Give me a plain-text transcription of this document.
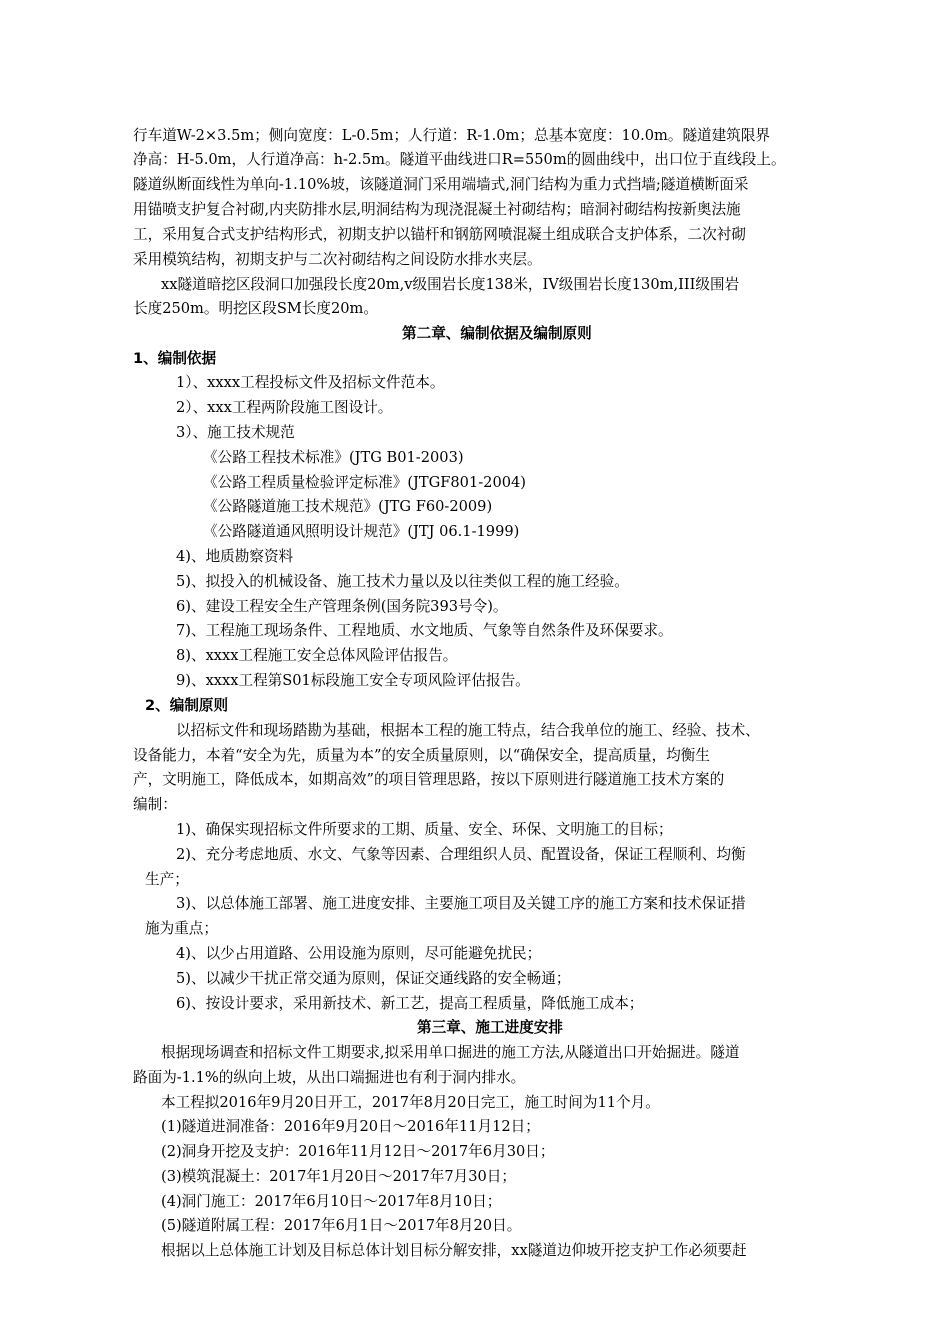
行车道W-2×3.5m；侧向宽度：L-0.5m；人行道：R-1.0m；总基本宽度：10.0m。隧道建筑限界
净高：H-5.0m，人行道净高：h-2.5m。隧道平曲线进口R=550m的圆曲线中，出口位于直线段上。
隧道纵断面线性为单向-1.10%坡，该隧道洞门采用端墙式,洞门结构为重力式挡墙;隧道横断面采
用锚喷支护复合衬砌,内夹防排水层,明洞结构为现浇混凝土衬砌结构；暗洞衬砌结构按新奥法施
工，采用复合式支护结构形式，初期支护以锚杆和钢筋网喷混凝土组成联合支护体系，二次衬砌
采用模筑结构，初期支护与二次衬砌结构之间设防水排水夹层。
xx隧道暗挖区段洞口加强段长度20m,v级围岩长度138米，IV级围岩长度130m,III级围岩
长度250m。明挖区段SM长度20m。
第二章、编制依据及编制原则
1、编制依据
1）、xxxx工程投标文件及招标文件范本。
2）、xxx工程两阶段施工图设计。
3）、施工技术规范
《公路工程技术标准》(JTG B01-2003)
《公路工程质量检验评定标准》(JTGF801-2004)
《公路隧道施工技术规范》(JTG F60-2009)
《公路隧道通风照明设计规范》(JTJ 06.1-1999)
4)、地质勘察资料
5)、拟投入的机械设备、施工技术力量以及以往类似工程的施工经验。
6)、建设工程安全生产管理条例(国务院393号令)。
7)、工程施工现场条件、工程地质、水文地质、气象等自然条件及环保要求。
8)、xxxx工程施工安全总体风险评估报告。
9)、xxxx工程第S01标段施工安全专项风险评估报告。
2、编制原则
以招标文件和现场踏勘为基础，根据本工程的施工特点，结合我单位的施工、经验、技术、
设备能力，本着“安全为先，质量为本”的安全质量原则，以“确保安全，提高质量，均衡生
产，文明施工，降低成本，如期高效”的项目管理思路，按以下原则进行隧道施工技术方案的
编制：
1)、确保实现招标文件所要求的工期、质量、安全、环保、文明施工的目标；
2)、充分考虑地质、水文、气象等因素、合理组织人员、配置设备，保证工程顺利、均衡
生产；
3)、以总体施工部署、施工进度安排、主要施工项目及关键工序的施工方案和技术保证措
施为重点；
4)、以少占用道路、公用设施为原则，尽可能避免扰民；
5)、以减少干扰正常交通为原则，保证交通线路的安全畅通；
6)、按设计要求，采用新技术、新工艺，提高工程质量，降低施工成本；
第三章、施工进度安排
根据现场调查和招标文件工期要求,拟采用单口掘进的施工方法,从隧道出口开始掘进。隧道
路面为-1.1%的纵向上坡，从出口端掘进也有利于洞内排水。
本工程拟2016年9月20日开工，2017年8月20日完工，施工时间为11个月。
(1)隧道进洞准备：2016年9月20日～2016年11月12日；
(2)洞身开挖及支护：2016年11月12日～2017年6月30日；
(3)模筑混凝土：2017年1月20日～2017年7月30日；
(4)洞门施工：2017年6月10日～2017年8月10日；
(5)隧道附属工程：2017年6月1日～2017年8月20日。
根据以上总体施工计划及目标总体计划目标分解安排，xx隧道边仰坡开挖支护工作必须要赶
